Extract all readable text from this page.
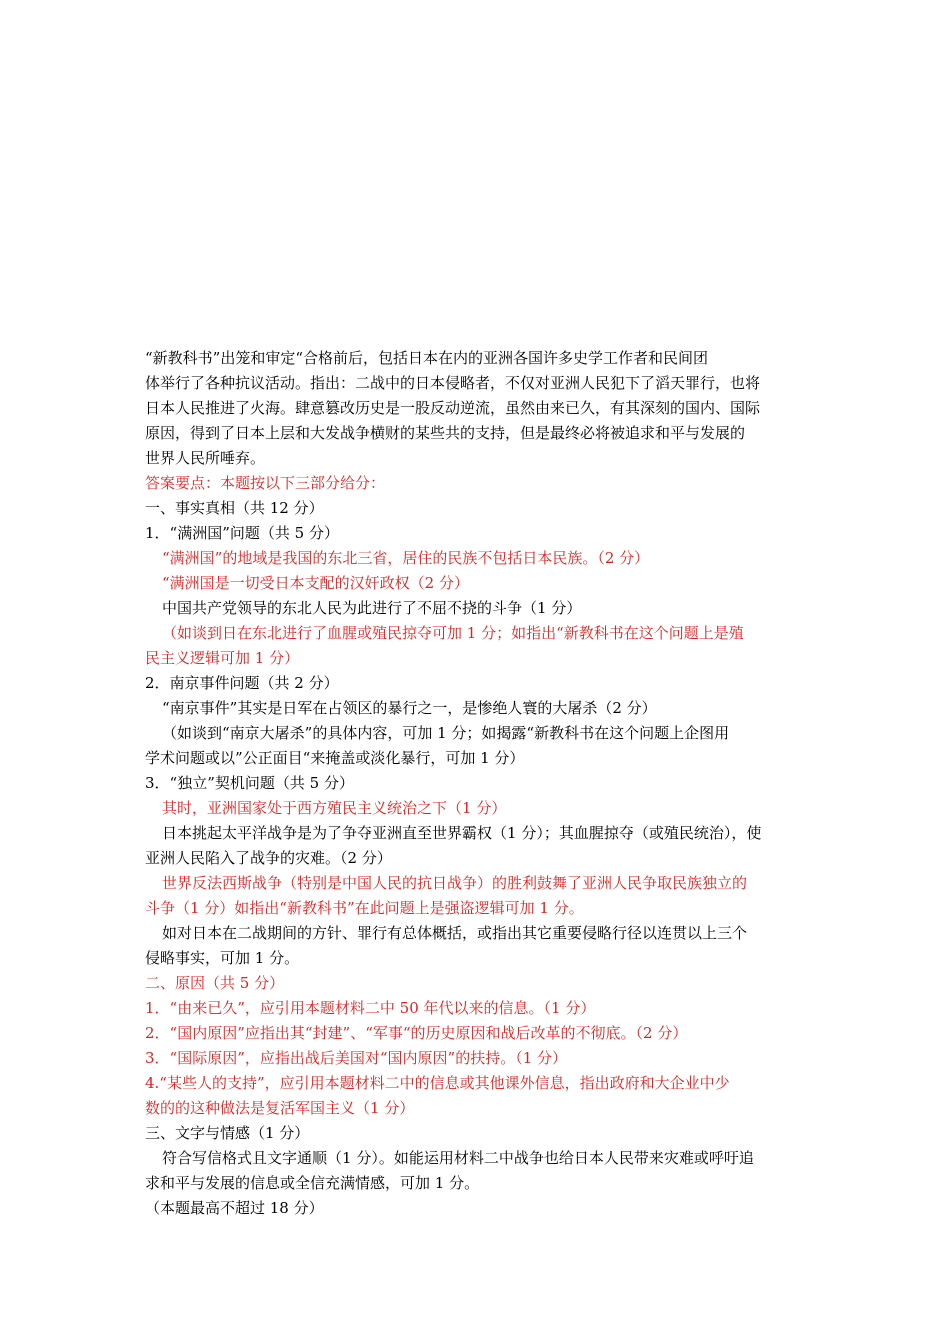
“新教科书”出笼和审定“合格前后，包括日本在内的亚洲各国许多史学工作者和民间团
体举行了各种抗议活动。指出：二战中的日本侵略者，不仅对亚洲人民犯下了滔天罪行，也将
日本人民推进了火海。肆意篡改历史是一股反动逆流，虽然由来已久，有其深刻的国内、国际
原因，得到了日本上层和大发战争横财的某些共的支持，但是最终必将被追求和平与发展的
世界人民所唾弃。
答案要点：本题按以下三部分给分：
一、事实真相（共 12 分）
1．“满洲国”问题（共 5 分）
“满洲国”的地域是我国的东北三省，居住的民族不包括日本民族。（2 分）
“满洲国是一切受日本支配的汉奸政权（2 分）
中国共产党领导的东北人民为此进行了不屈不挠的斗争（1 分）
（如谈到日在东北进行了血腥或殖民掠夺可加 1 分；如指出“新教科书在这个问题上是殖
民主义逻辑可加 1 分）
2．南京事件问题（共 2 分）
“南京事件”其实是日军在占领区的暴行之一，是惨绝人寰的大屠杀（2 分）
（如谈到“南京大屠杀”的具体内容，可加 1 分；如揭露“新教科书在这个问题上企图用
学术问题或以”公正面目“来掩盖或淡化暴行，可加 1 分）
3．“独立”契机问题（共 5 分）
其时，亚洲国家处于西方殖民主义统治之下（1 分）
日本挑起太平洋战争是为了争夺亚洲直至世界霸权（1 分）；其血腥掠夺（或殖民统治），使
亚洲人民陷入了战争的灾难。（2 分）
世界反法西斯战争（特别是中国人民的抗日战争）的胜利鼓舞了亚洲人民争取民族独立的
斗争（1 分）如指出“新教科书”在此问题上是强盗逻辑可加 1 分。
如对日本在二战期间的方针、罪行有总体概括，或指出其它重要侵略行径以连贯以上三个
侵略事实，可加 1 分。
二、原因（共 5 分）
1．“由来已久”，应引用本题材料二中 50 年代以来的信息。（1 分）
2．“国内原因”应指出其“封建”、“军事“的历史原因和战后改革的不彻底。（2 分）
3．“国际原因”，应指出战后美国对“国内原因”的扶持。（1 分）
4.“某些人的支持”，应引用本题材料二中的信息或其他课外信息，指出政府和大企业中少
数的的这种做法是复活军国主义（1 分）
三、文字与情感（1 分）
符合写信格式且文字通顺（1 分）。如能运用材料二中战争也给日本人民带来灾难或呼吁追
求和平与发展的信息或全信充满情感，可加 1 分。
（本题最高不超过 18 分）
